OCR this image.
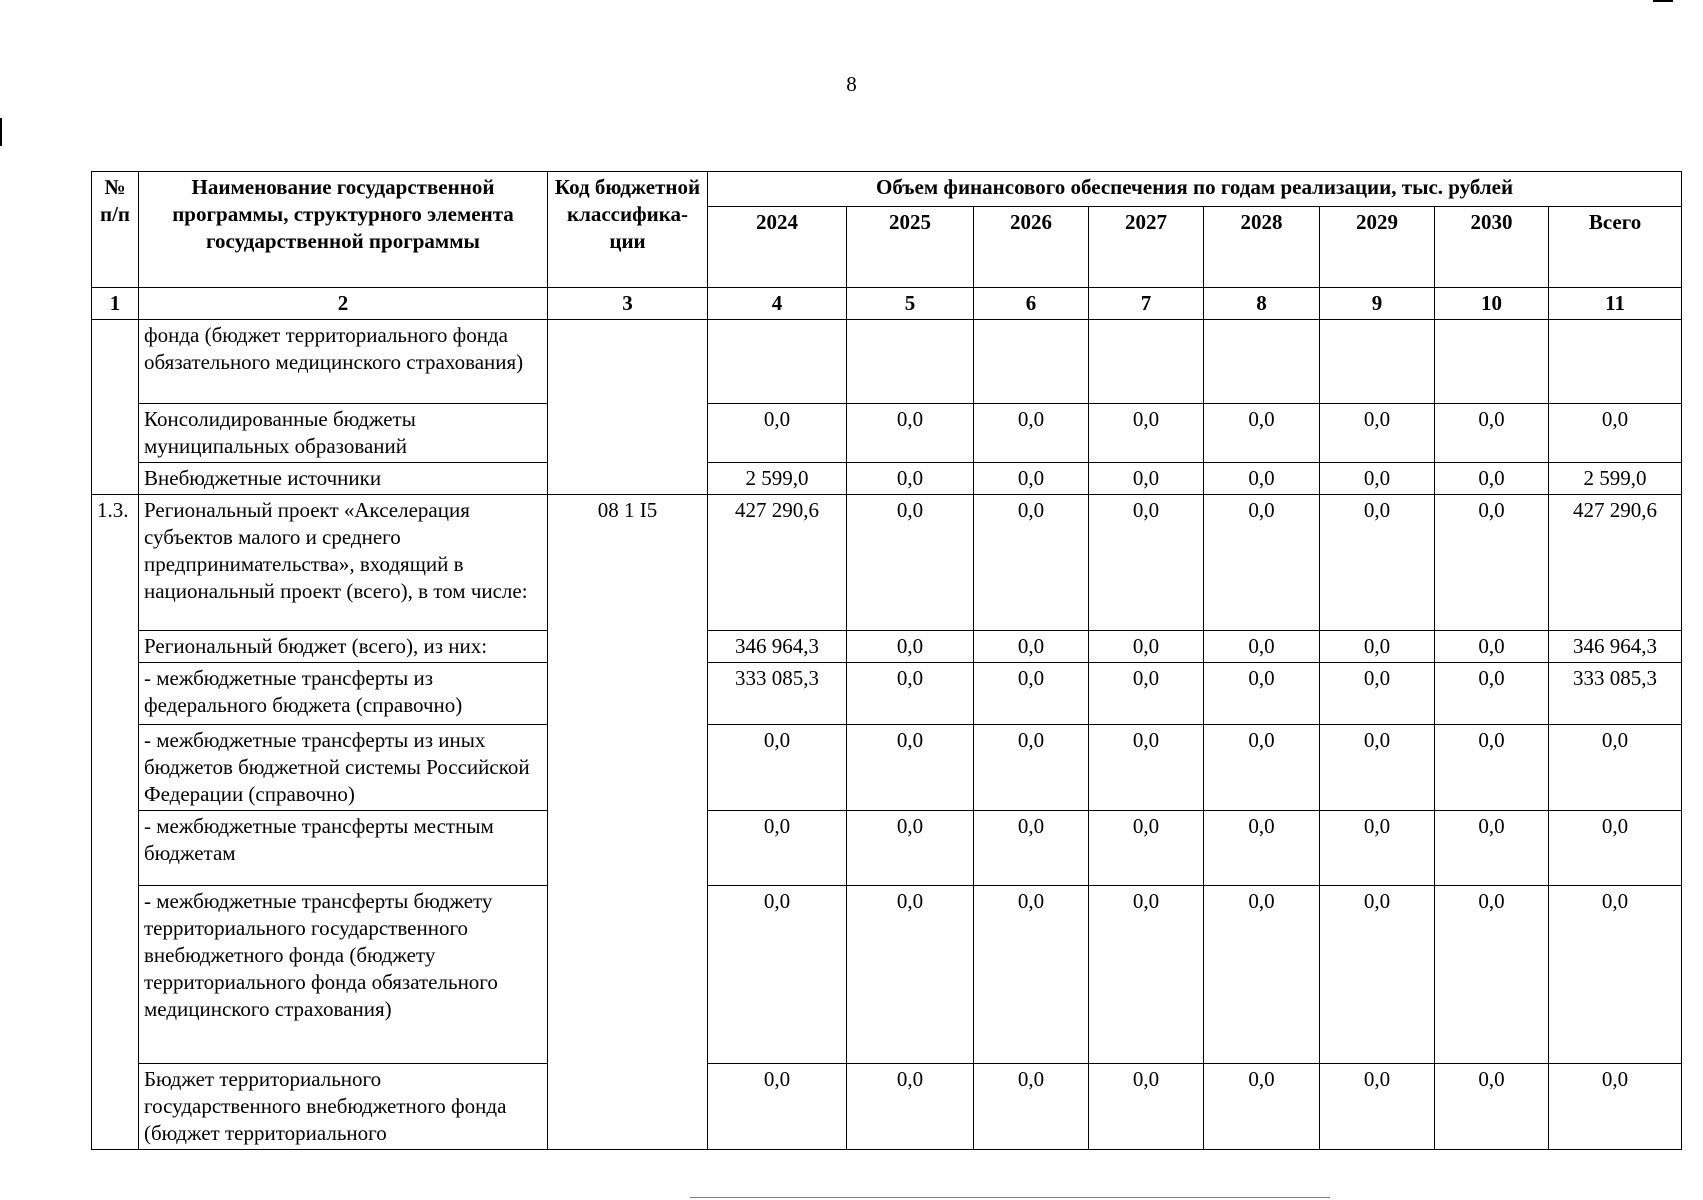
8
№ п/п	Наименование государственной программы, структурного элемента государственной программы	Код бюджетной классифика-ции	Объем финансового обеспечения по годам реализации, тыс. рублей							
			2024	2025	2026	2027	2028	2029	2030	Всего
1	2	3	4	5	6	7	8	9	10	11
	фонда (бюджет территориального фонда обязательного медицинского страхования)									
	Консолидированные бюджеты муниципальных образований		0,0	0,0	0,0	0,0	0,0	0,0	0,0	0,0
	Внебюджетные источники		2 599,0	0,0	0,0	0,0	0,0	0,0	0,0	2 599,0
1.3.	Региональный проект «Акселерация субъектов малого и среднего предпринимательства», входящий в национальный проект (всего), в том числе:	08 1 I5	427 290,6	0,0	0,0	0,0	0,0	0,0	0,0	427 290,6
	Региональный бюджет (всего), из них:		346 964,3	0,0	0,0	0,0	0,0	0,0	0,0	346 964,3
	- межбюджетные трансферты из федерального бюджета (справочно)		333 085,3	0,0	0,0	0,0	0,0	0,0	0,0	333 085,3
	- межбюджетные трансферты из иных бюджетов бюджетной системы Российской Федерации (справочно)		0,0	0,0	0,0	0,0	0,0	0,0	0,0	0,0
	- межбюджетные трансферты местным бюджетам		0,0	0,0	0,0	0,0	0,0	0,0	0,0	0,0
	- межбюджетные трансферты бюджету территориального государственного внебюджетного фонда (бюджету территориального фонда обязательного медицинского страхования)		0,0	0,0	0,0	0,0	0,0	0,0	0,0	0,0
	Бюджет территориального государственного внебюджетного фонда (бюджет территориального		0,0	0,0	0,0	0,0	0,0	0,0	0,0	0,0
